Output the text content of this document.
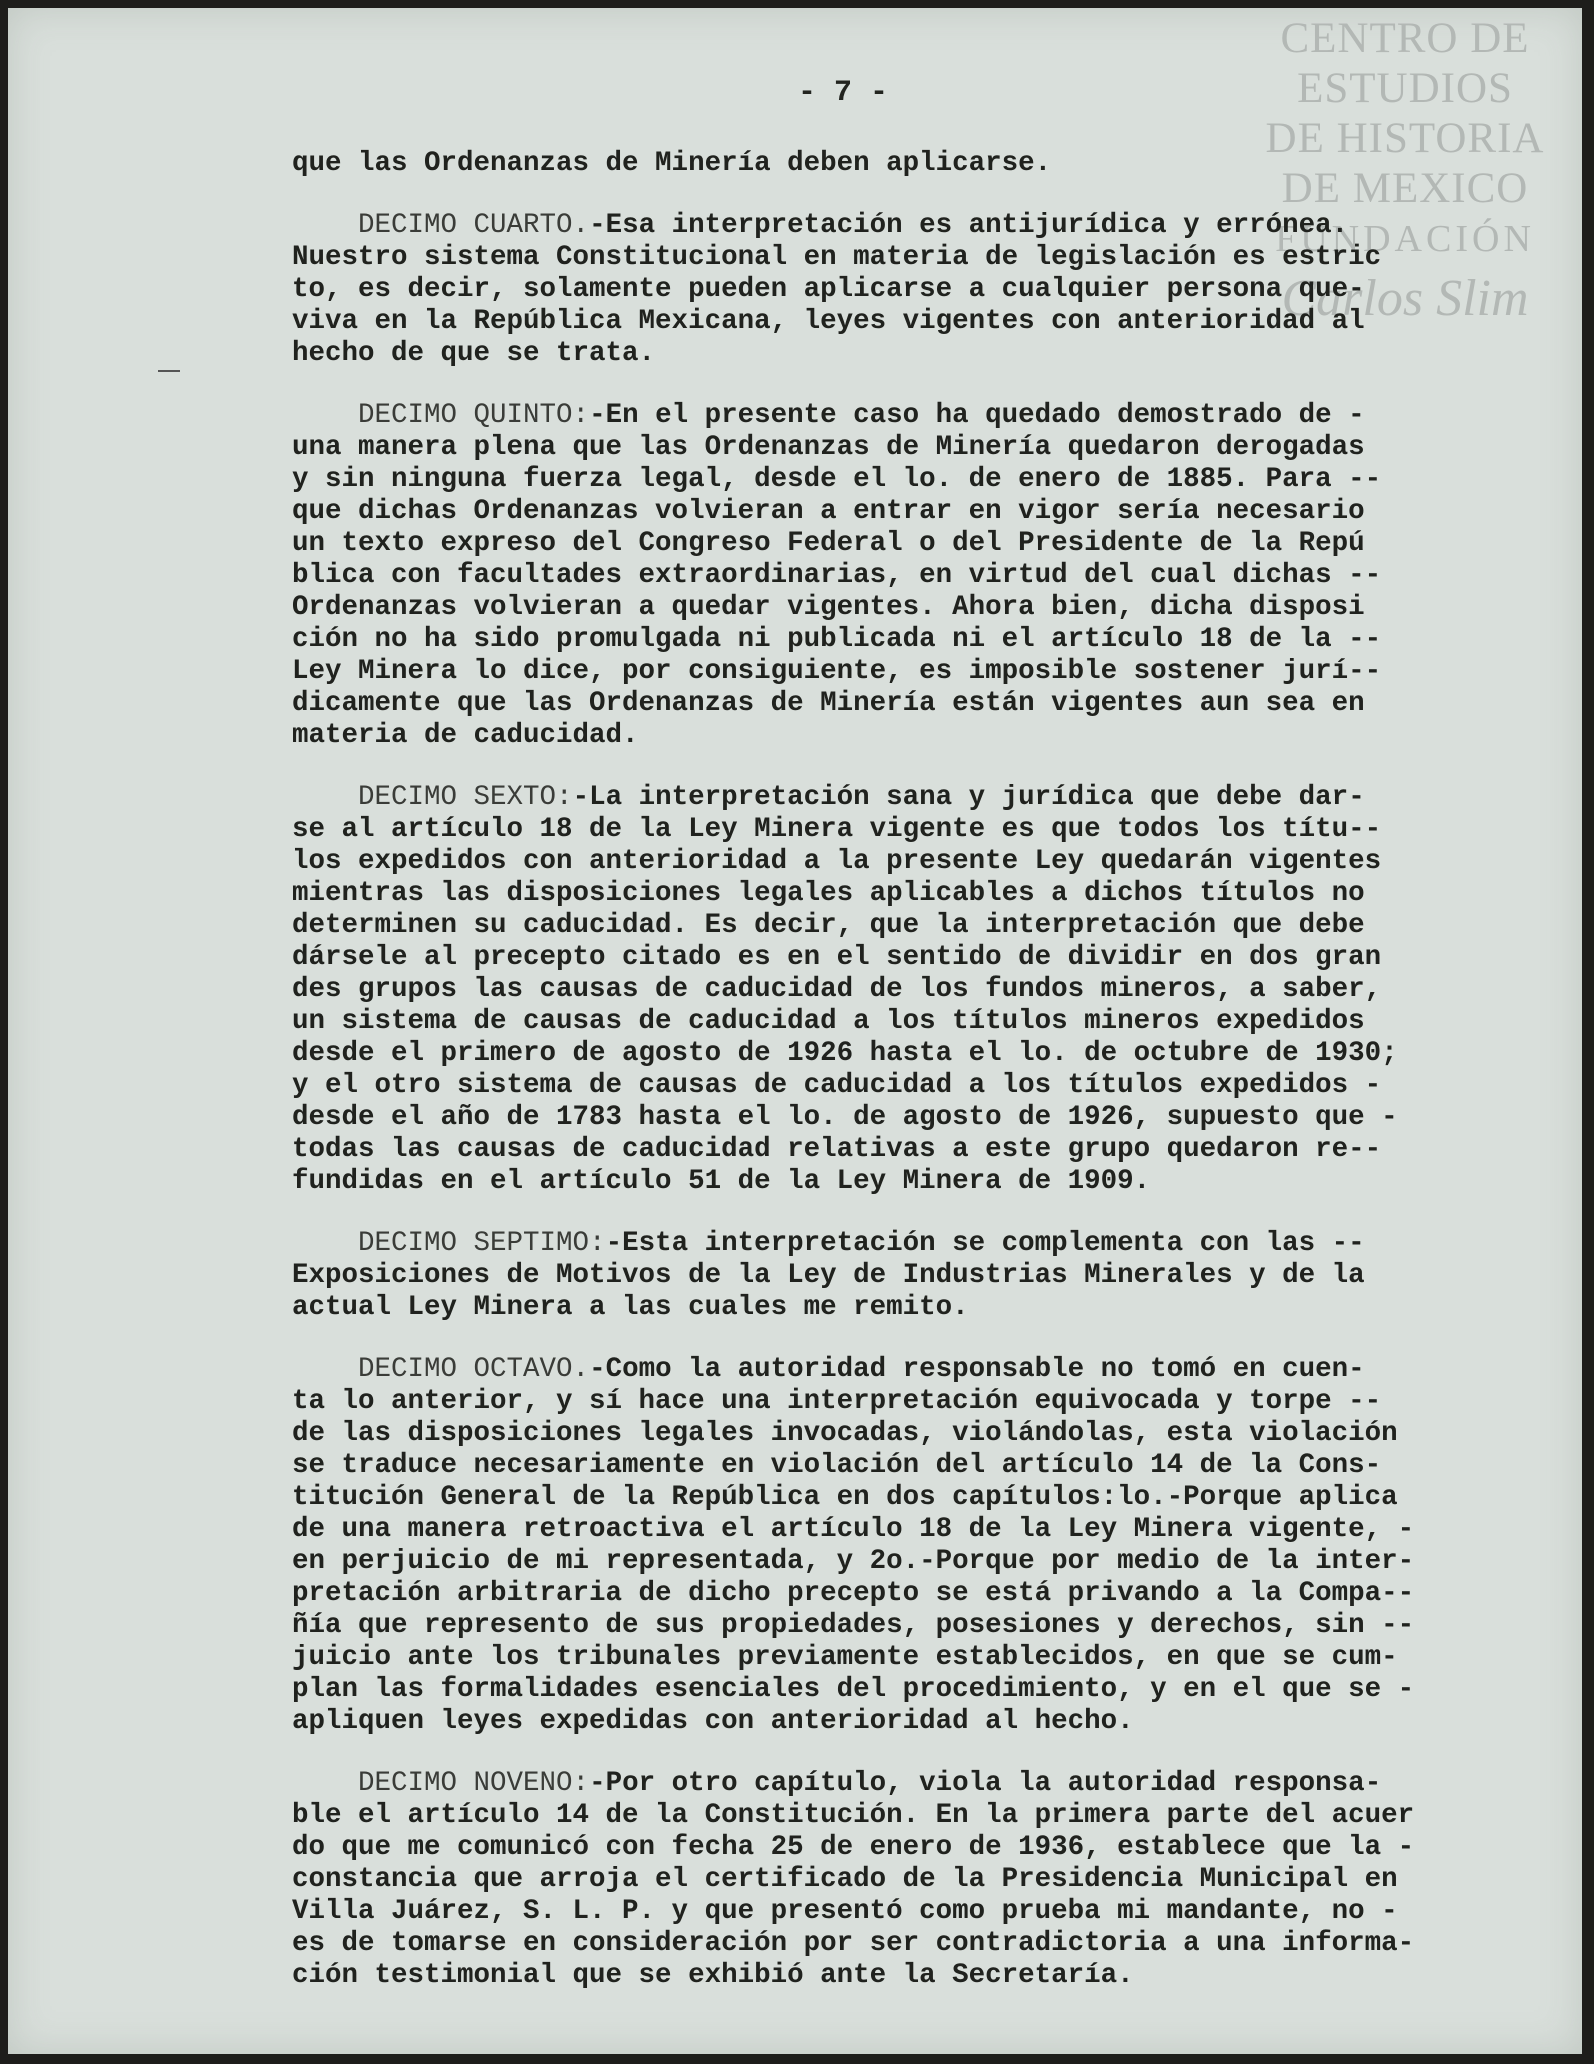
CENTRO DE
ESTUDIOS
DE HISTORIA
DE MEXICO
FUNDACIÓN
Carlos Slim
- 7 -
que las Ordenanzas de Minería deben aplicarse.
DECIMO CUARTO.-Esa interpretación es antijurídica y errónea.
Nuestro sistema Constitucional en materia de legislación es estric
to, es decir, solamente pueden aplicarse a cualquier persona que-
viva en la República Mexicana, leyes vigentes con anterioridad al
hecho de que se trata.
DECIMO QUINTO:-En el presente caso ha quedado demostrado de -
una manera plena que las Ordenanzas de Minería quedaron derogadas
y sin ninguna fuerza legal, desde el lo. de enero de 1885. Para --
que dichas Ordenanzas volvieran a entrar en vigor sería necesario
un texto expreso del Congreso Federal o del Presidente de la Repú
blica con facultades extraordinarias, en virtud del cual dichas --
Ordenanzas volvieran a quedar vigentes. Ahora bien, dicha disposi
ción no ha sido promulgada ni publicada ni el artículo 18 de la --
Ley Minera lo dice, por consiguiente, es imposible sostener jurí--
dicamente que las Ordenanzas de Minería están vigentes aun sea en
materia de caducidad.
DECIMO SEXTO:-La interpretación sana y jurídica que debe dar-
se al artículo 18 de la Ley Minera vigente es que todos los títu--
los expedidos con anterioridad a la presente Ley quedarán vigentes
mientras las disposiciones legales aplicables a dichos títulos no
determinen su caducidad. Es decir, que la interpretación que debe
dársele al precepto citado es en el sentido de dividir en dos gran
des grupos las causas de caducidad de los fundos mineros, a saber,
un sistema de causas de caducidad a los títulos mineros expedidos
desde el primero de agosto de 1926 hasta el lo. de octubre de 1930;
y el otro sistema de causas de caducidad a los títulos expedidos -
desde el año de 1783 hasta el lo. de agosto de 1926, supuesto que -
todas las causas de caducidad relativas a este grupo quedaron re--
fundidas en el artículo 51 de la Ley Minera de 1909.
DECIMO SEPTIMO:-Esta interpretación se complementa con las --
Exposiciones de Motivos de la Ley de Industrias Minerales y de la
actual Ley Minera a las cuales me remito.
DECIMO OCTAVO.-Como la autoridad responsable no tomó en cuen-
ta lo anterior, y sí hace una interpretación equivocada y torpe --
de las disposiciones legales invocadas, violándolas, esta violación
se traduce necesariamente en violación del artículo 14 de la Cons-
titución General de la República en dos capítulos:lo.-Porque aplica
de una manera retroactiva el artículo 18 de la Ley Minera vigente, -
en perjuicio de mi representada, y 2o.-Porque por medio de la inter-
pretación arbitraria de dicho precepto se está privando a la Compa--
ñía que represento de sus propiedades, posesiones y derechos, sin --
juicio ante los tribunales previamente establecidos, en que se cum-
plan las formalidades esenciales del procedimiento, y en el que se -
apliquen leyes expedidas con anterioridad al hecho.
DECIMO NOVENO:-Por otro capítulo, viola la autoridad responsa-
ble el artículo 14 de la Constitución. En la primera parte del acuer
do que me comunicó con fecha 25 de enero de 1936, establece que la -
constancia que arroja el certificado de la Presidencia Municipal en
Villa Juárez, S. L. P. y que presentó como prueba mi mandante, no -
es de tomarse en consideración por ser contradictoria a una informa-
ción testimonial que se exhibió ante la Secretaría.
